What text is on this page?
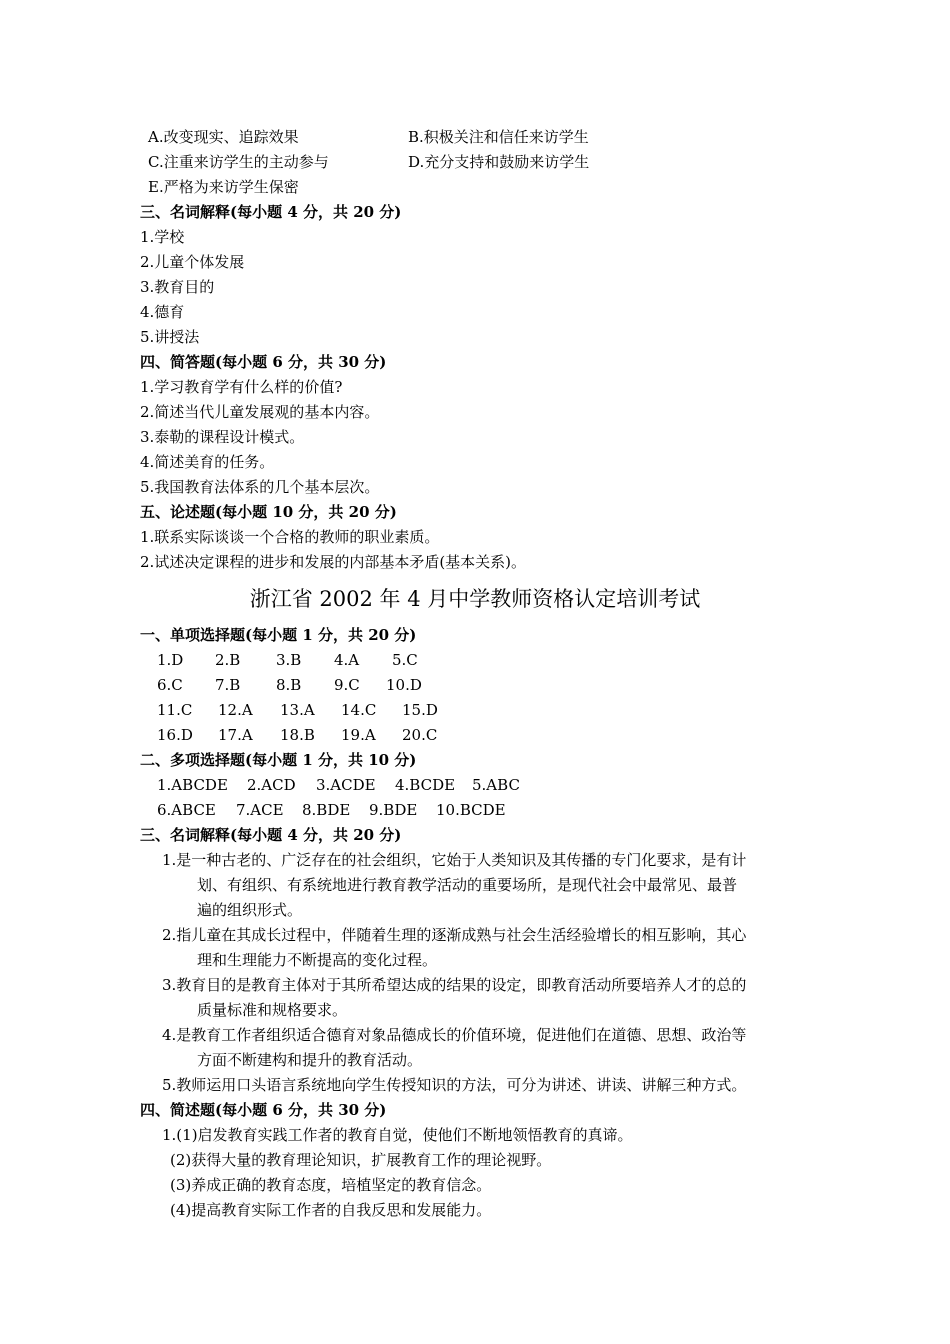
A.改变现实、追踪效果	B.积极关注和信任来访学生
C.注重来访学生的主动参与	D.充分支持和鼓励来访学生
E.严格为来访学生保密
三、名词解释(每小题 4 分，共 20 分)
1.学校
2.儿童个体发展
3.教育目的
4.德育
5.讲授法
四、简答题(每小题 6 分，共 30 分)
1.学习教育学有什么样的价值?
2.简述当代儿童发展观的基本内容。
3.泰勒的课程设计模式。
4.简述美育的任务。
5.我国教育法体系的几个基本层次。
五、论述题(每小题 10 分，共 20 分)
1.联系实际谈谈一个合格的教师的职业素质。
2.试述决定课程的进步和发展的内部基本矛盾(基本关系)。
浙江省 2002 年 4 月中学教师资格认定培训考试
一、单项选择题(每小题 1 分，共 20 分)
1.D 2.B 3.B 4.A 5.C
6.C 7.B 8.B 9.C 10.D
11.C 12.A 13.A 14.C 15.D
16.D 17.A 18.B 19.A 20.C
二、多项选择题(每小题 1 分，共 10 分)
1.ABCDE 2.ACD 3.ACDE 4.BCDE 5.ABC
6.ABCE 7.ACE 8.BDE 9.BDE 10.BCDE
三、名词解释(每小题 4 分，共 20 分)
1.是一种古老的、广泛存在的社会组织，它始于人类知识及其传播的专门化要求，是有计
划、有组织、有系统地进行教育教学活动的重要场所，是现代社会中最常见、最普
遍的组织形式。
2.指儿童在其成长过程中，伴随着生理的逐渐成熟与社会生活经验增长的相互影响，其心
理和生理能力不断提高的变化过程。
3.教育目的是教育主体对于其所希望达成的结果的设定，即教育活动所要培养人才的总的
质量标准和规格要求。
4.是教育工作者组织适合德育对象品德成长的价值环境，促进他们在道德、思想、政治等
方面不断建构和提升的教育活动。
5.教师运用口头语言系统地向学生传授知识的方法，可分为讲述、讲读、讲解三种方式。
四、简述题(每小题 6 分，共 30 分)
1.(1)启发教育实践工作者的教育自觉，使他们不断地领悟教育的真谛。
(2)获得大量的教育理论知识，扩展教育工作的理论视野。
(3)养成正确的教育态度，培植坚定的教育信念。
(4)提高教育实际工作者的自我反思和发展能力。
